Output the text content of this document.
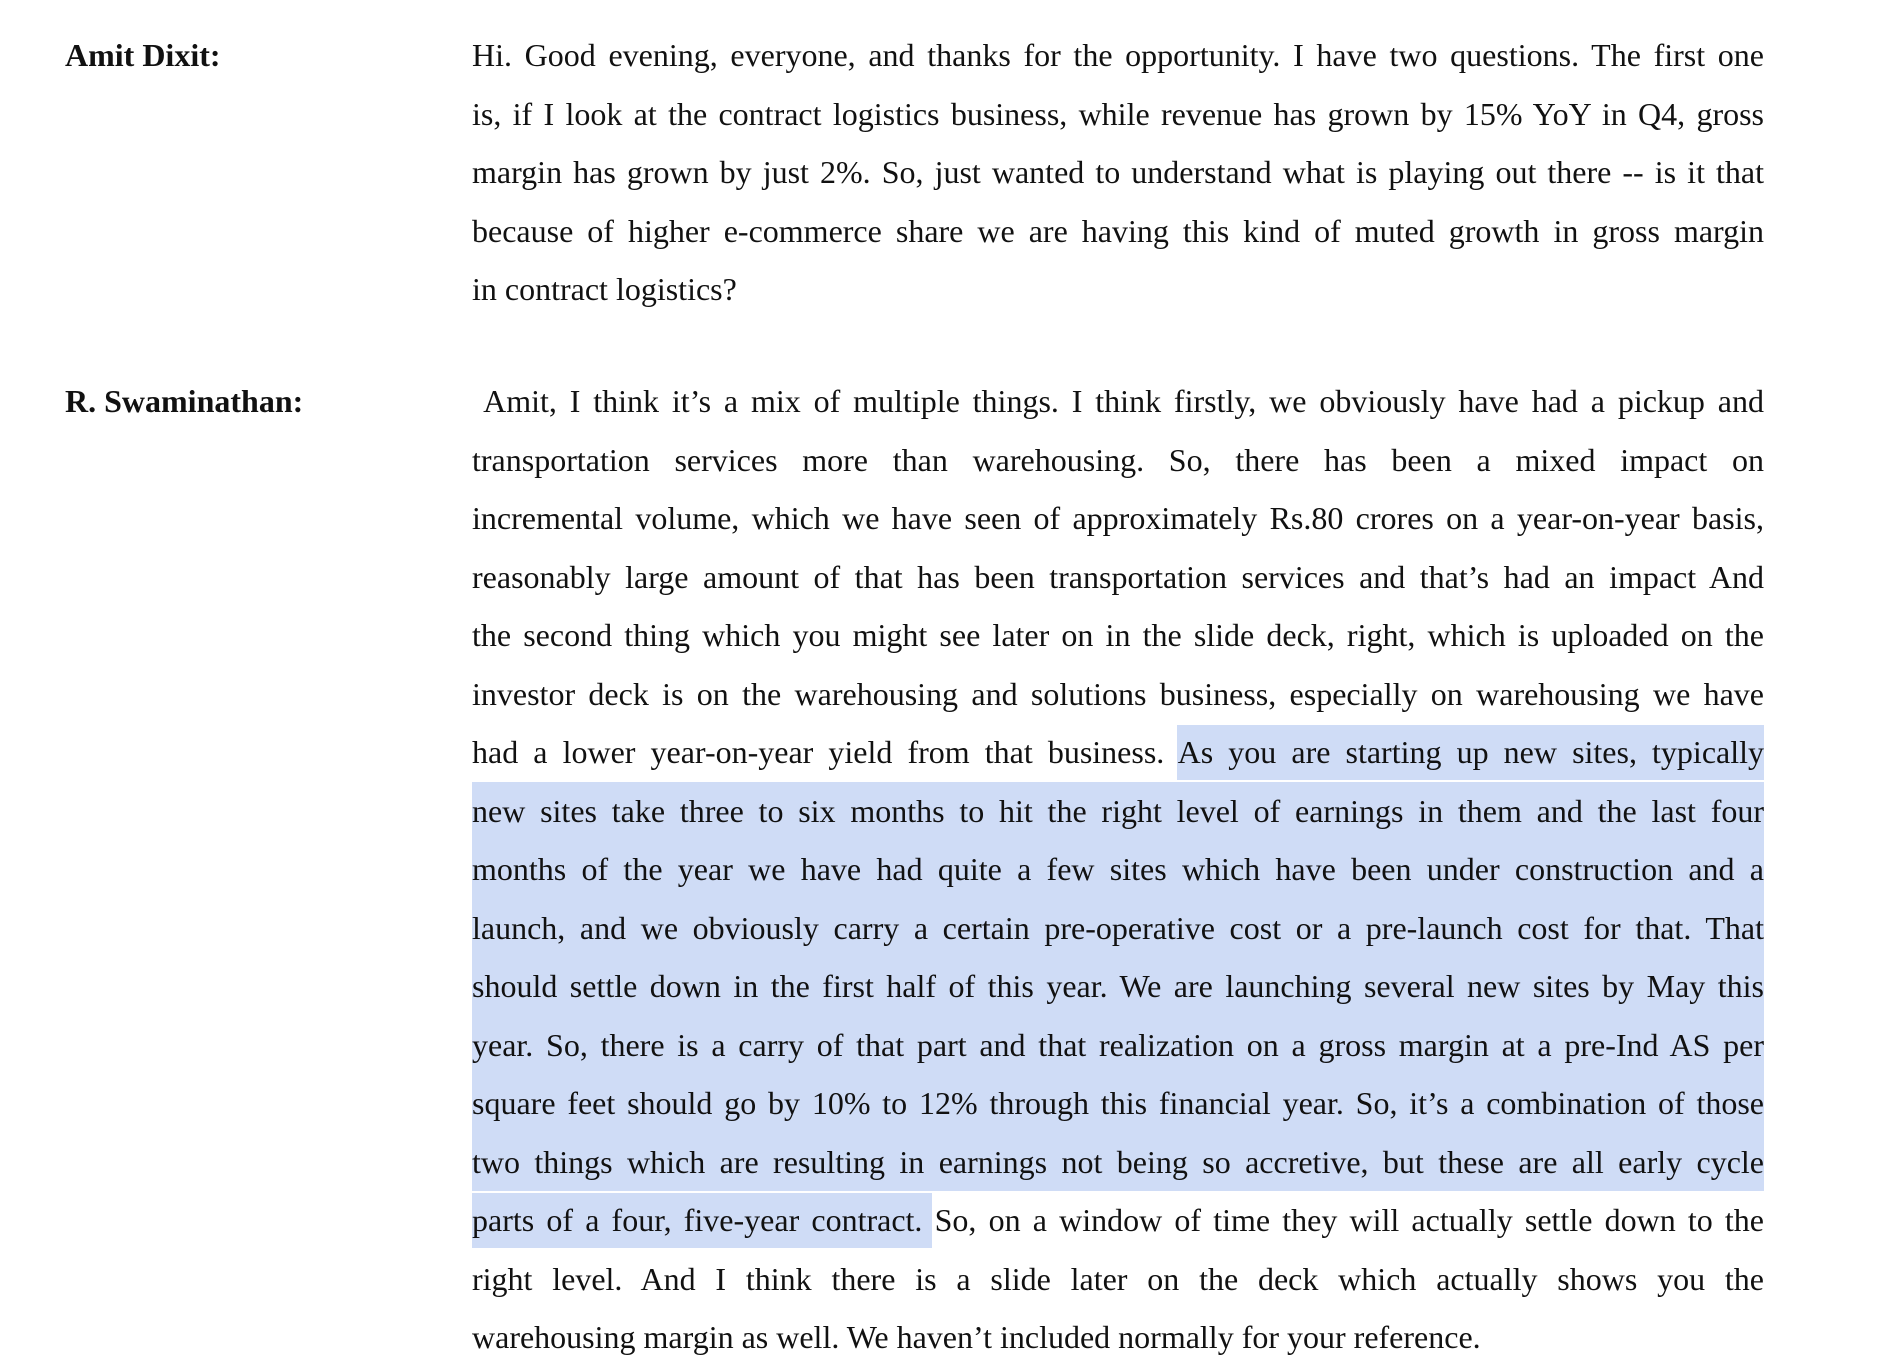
Amit Dixit:	Hi. Good evening, everyone, and thanks for the opportunity. I have two questions. The first one
is, if I look at the contract logistics business, while revenue has grown by 15% YoY in Q4, gross
margin has grown by just 2%. So, just wanted to understand what is playing out there -- is it that
because of higher e-commerce share we are having this kind of muted growth in gross margin
in contract logistics?
R. Swaminathan:	Amit, I think it’s a mix of multiple things. I think firstly, we obviously have had a pickup and
transportation services more than warehousing. So, there has been a mixed impact on
incremental volume, which we have seen of approximately Rs.80 crores on a year-on-year basis,
reasonably large amount of that has been transportation services and that’s had an impact And
the second thing which you might see later on in the slide deck, right, which is uploaded on the
investor deck is on the warehousing and solutions business, especially on warehousing we have
had a lower year-on-year yield from that business. As you are starting up new sites, typically
new sites take three to six months to hit the right level of earnings in them and the last four
months of the year we have had quite a few sites which have been under construction and a
launch, and we obviously carry a certain pre-operative cost or a pre-launch cost for that. That
should settle down in the first half of this year. We are launching several new sites by May this
year. So, there is a carry of that part and that realization on a gross margin at a pre-Ind AS per
square feet should go by 10% to 12% through this financial year. So, it’s a combination of those
two things which are resulting in earnings not being so accretive, but these are all early cycle
parts of a four, five-year contract. So, on a window of time they will actually settle down to the
right level. And I think there is a slide later on the deck which actually shows you the
warehousing margin as well. We haven’t included normally for your reference.
